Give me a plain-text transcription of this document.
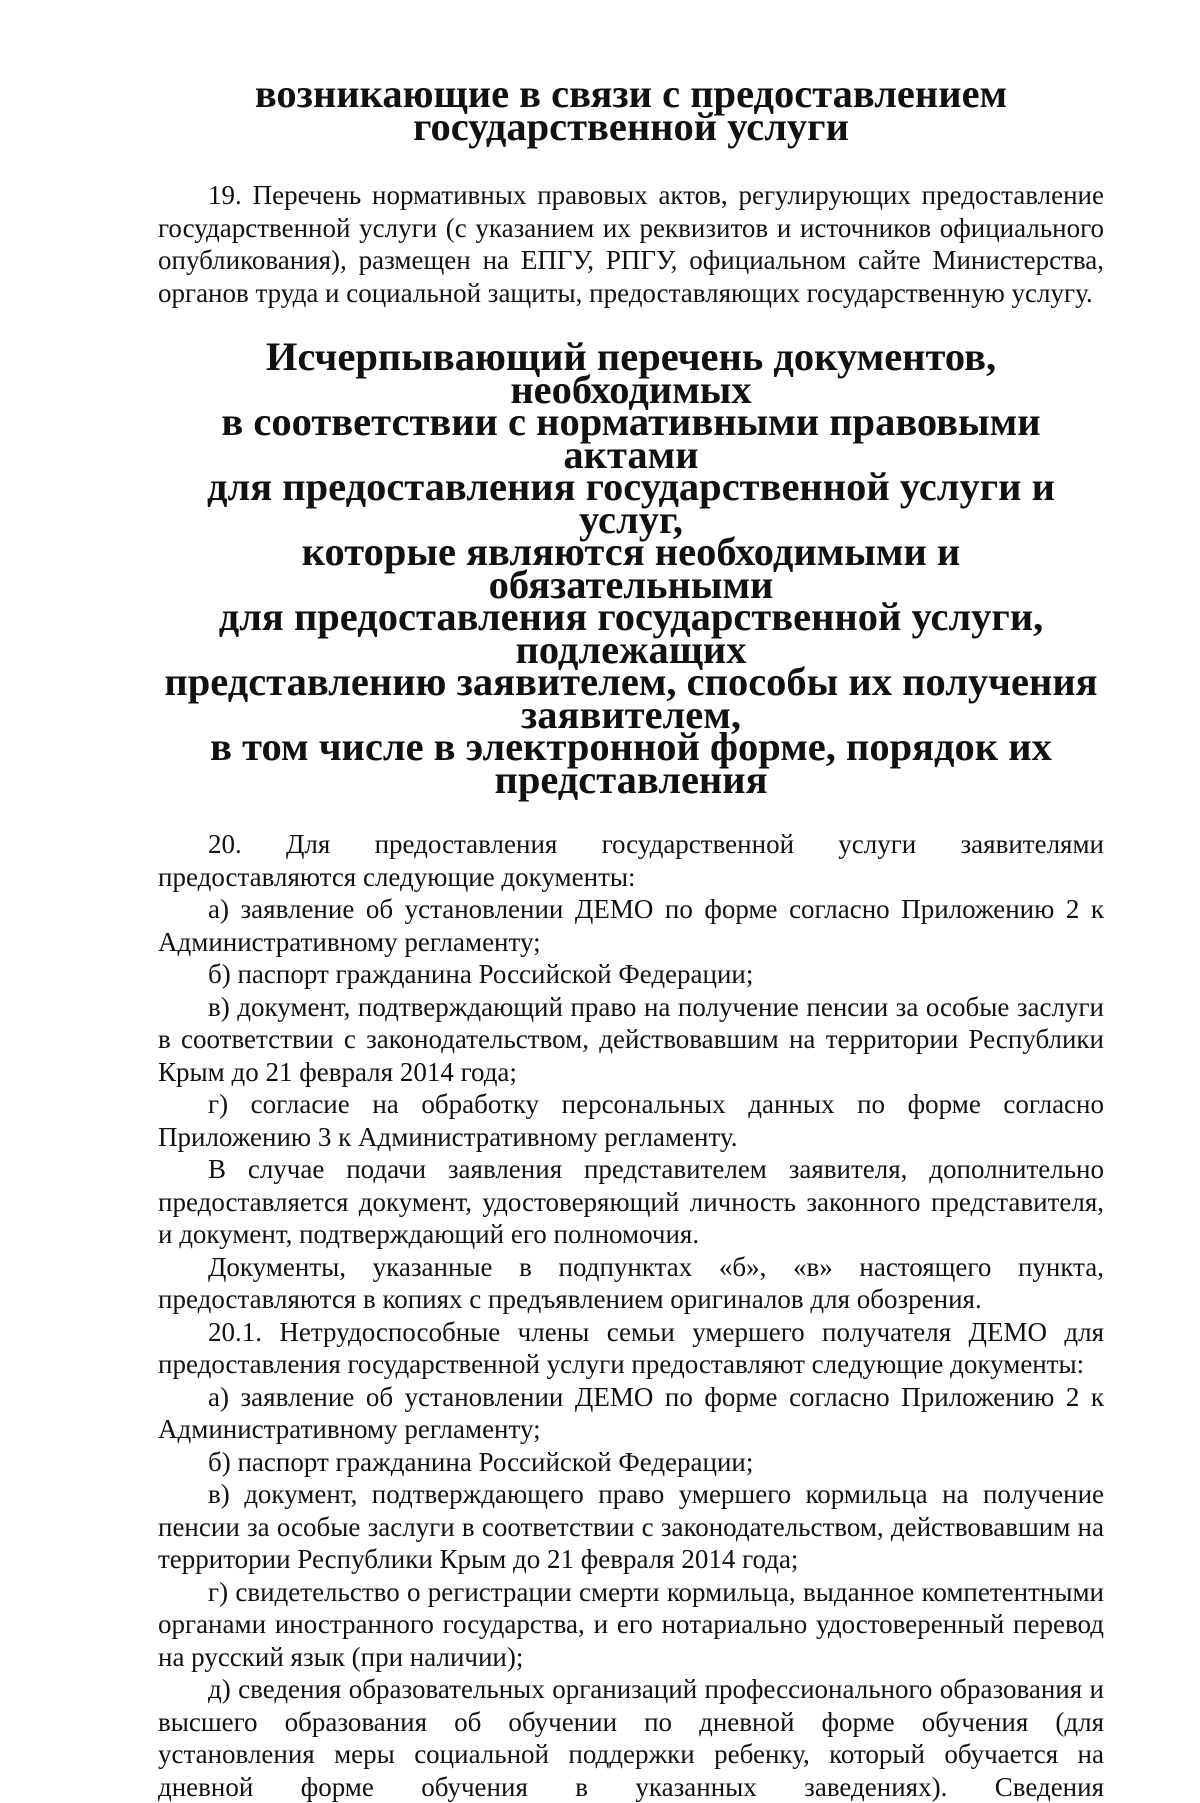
возникающие в связи с предоставлением государственной услуги

19. Перечень нормативных правовых актов, регулирующих предоставление государственной услуги (с указанием их реквизитов и источников официального опубликования), размещен на ЕПГУ, РПГУ, официальном сайте Министерства, органов труда и социальной защиты, предоставляющих государственную услугу.

Исчерпывающий перечень документов, необходимых
в соответствии с нормативными правовыми актами
для предоставления государственной услуги и услуг,
которые являются необходимыми и обязательными
для предоставления государственной услуги, подлежащих
представлению заявителем, способы их получения заявителем,
в том числе в электронной форме, порядок их представления

20. Для предоставления государственной услуги заявителями предоставляются следующие документы:

а) заявление об установлении ДЕМО по форме согласно Приложению 2 к Административному регламенту;

б) паспорт гражданина Российской Федерации;

в) документ, подтверждающий право на получение пенсии за особые заслуги в соответствии с законодательством, действовавшим на территории Республики Крым до 21 февраля 2014 года;

г) согласие на обработку персональных данных по форме согласно Приложению 3 к Административному регламенту.

В случае подачи заявления представителем заявителя, дополнительно предоставляется документ, удостоверяющий личность законного представителя, и документ, подтверждающий его полномочия.

Документы, указанные в подпунктах «б», «в» настоящего пункта, предоставляются в копиях с предъявлением оригиналов для обозрения.

20.1. Нетрудоспособные члены семьи умершего получателя ДЕМО для предоставления государственной услуги предоставляют следующие документы:

а) заявление об установлении ДЕМО по форме согласно Приложению 2 к Административному регламенту;

б) паспорт гражданина Российской Федерации;

в) документ, подтверждающего право умершего кормильца на получение пенсии за особые заслуги в соответствии с законодательством, действовавшим на территории Республики Крым до 21 февраля 2014 года;

г) свидетельство о регистрации смерти кормильца, выданное компетентными органами иностранного государства, и его нотариально удостоверенный перевод на русский язык (при наличии);

д) сведения образовательных организаций профессионального образования и высшего образования об обучении по дневной форме обучения (для установления меры социальной поддержки ребенку, который обучается на дневной форме обучения в указанных заведениях). Сведения
